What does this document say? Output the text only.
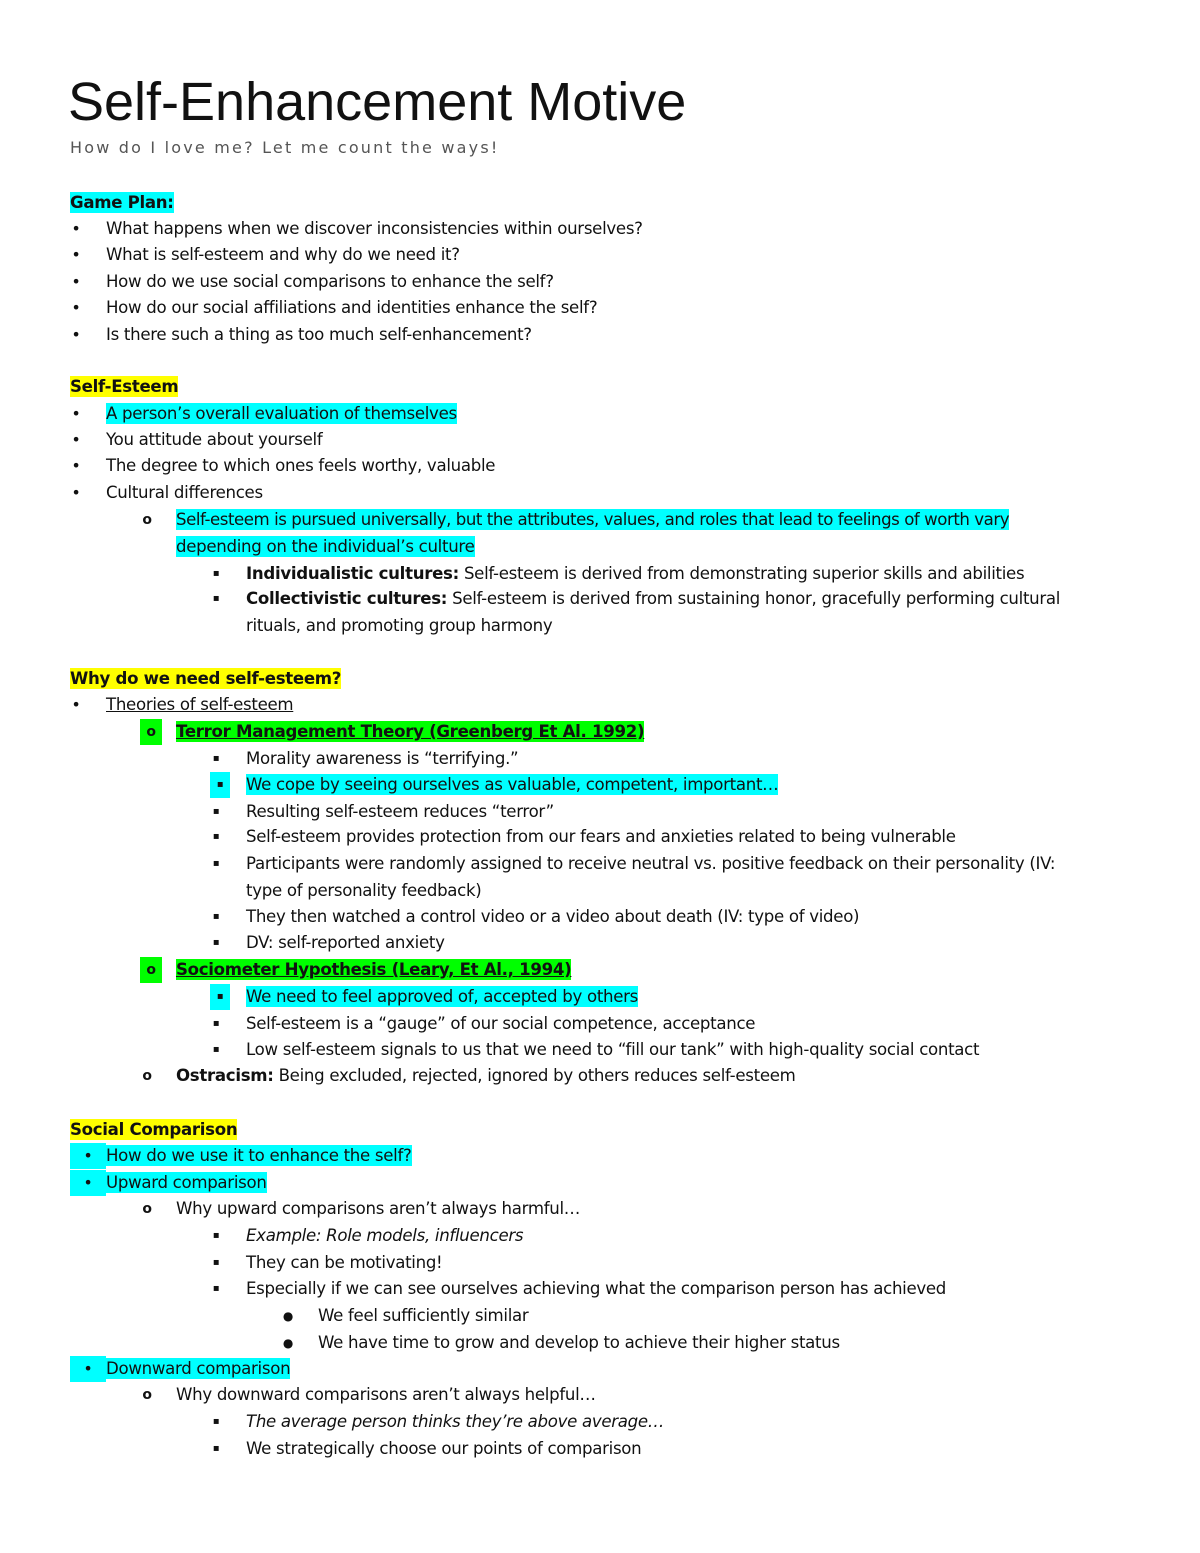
Self-Enhancement Motive
How do I love me? Let me count the ways!
Game Plan:
• What happens when we discover inconsistencies within ourselves?
• What is self-esteem and why do we need it?
• How do we use social comparisons to enhance the self?
• How do our social affiliations and identities enhance the self?
• Is there such a thing as too much self-enhancement?
Self-Esteem
• A person’s overall evaluation of themselves
• You attitude about yourself
• The degree to which ones feels worthy, valuable
• Cultural differences
o Self-esteem is pursued universally, but the attributes, values, and roles that lead to feelings of worth vary
depending on the individual’s culture
▪ Individualistic cultures: Self-esteem is derived from demonstrating superior skills and abilities
▪ Collectivistic cultures: Self-esteem is derived from sustaining honor, gracefully performing cultural
rituals, and promoting group harmony
Why do we need self-esteem?
• Theories of self-esteem
o	Terror Management Theory (Greenberg Et Al. 1992)
▪ Morality awareness is “terrifying.”
▪	We cope by seeing ourselves as valuable, competent, important…
▪ Resulting self-esteem reduces “terror”
▪ Self-esteem provides protection from our fears and anxieties related to being vulnerable
▪ Participants were randomly assigned to receive neutral vs. positive feedback on their personality (IV:
type of personality feedback)
▪ They then watched a control video or a video about death (IV: type of video)
▪ DV: self-reported anxiety
o	Sociometer Hypothesis (Leary, Et Al., 1994)
▪	We need to feel approved of, accepted by others
▪ Self-esteem is a “gauge” of our social competence, acceptance
▪ Low self-esteem signals to us that we need to “fill our tank” with high-quality social contact
o Ostracism: Being excluded, rejected, ignored by others reduces self-esteem
Social Comparison
• How do we use it to enhance the self?
• Upward comparison
o Why upward comparisons aren’t always harmful…
▪ Example: Role models, influencers
▪ They can be motivating!
▪ Especially if we can see ourselves achieving what the comparison person has achieved
● We feel sufficiently similar
● We have time to grow and develop to achieve their higher status
• Downward comparison
o Why downward comparisons aren’t always helpful…
▪ The average person thinks they’re above average…
▪ We strategically choose our points of comparison
